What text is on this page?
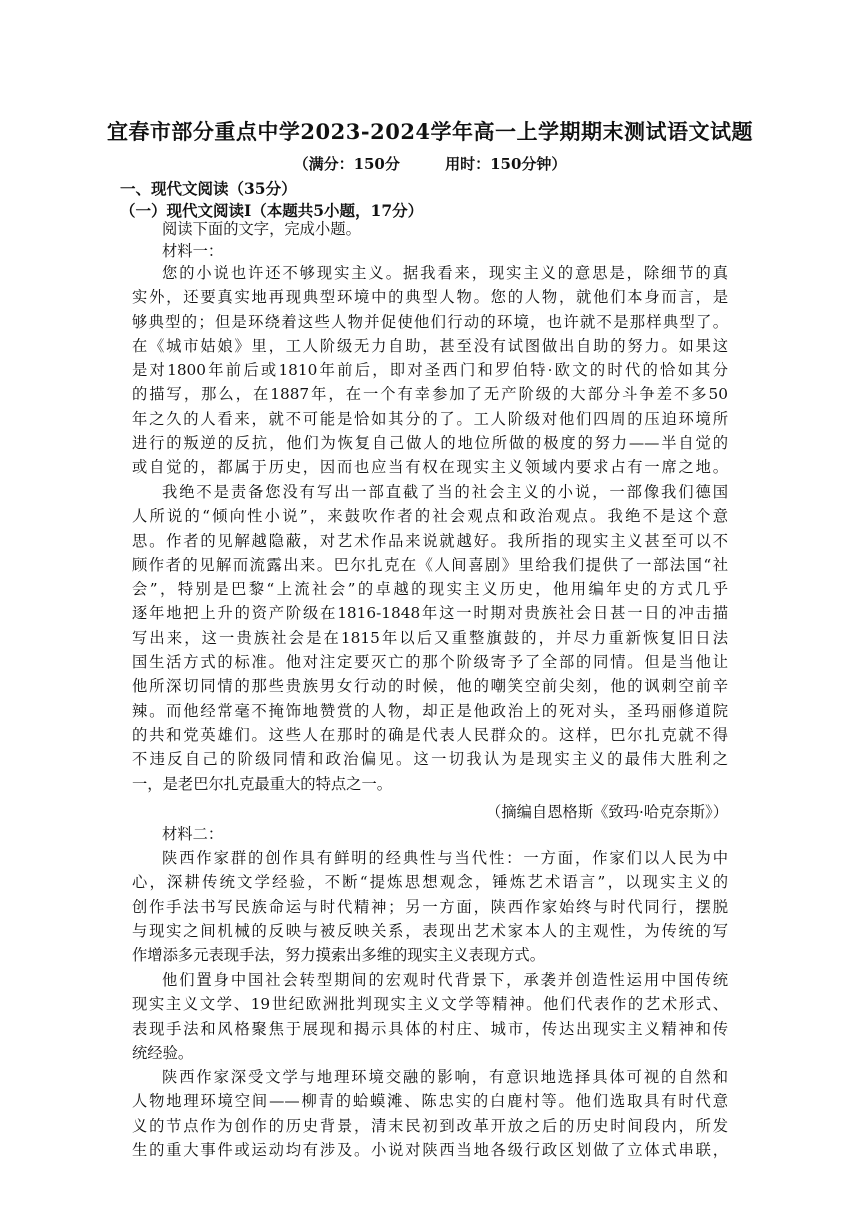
宜春市部分重点中学2023-2024学年高一上学期期末测试语文试题
（满分：150分	用时：150分钟）
一、现代文阅读（35分）
（一）现代文阅读Ⅰ（本题共5小题，17分）
阅读下面的文字，完成小题。
材料一：
您的小说也许还不够现实主义。据我看来，现实主义的意思是，除细节的真
实外，还要真实地再现典型环境中的典型人物。您的人物，就他们本身而言，是
够典型的；但是环绕着这些人物并促使他们行动的环境，也许就不是那样典型了。
在《城市姑娘》里，工人阶级无力自助，甚至没有试图做出自助的努力。如果这
是对1800年前后或1810年前后，即对圣西门和罗伯特·欧文的时代的恰如其分
的描写，那么，在1887年，在一个有幸参加了无产阶级的大部分斗争差不多50
年之久的人看来，就不可能是恰如其分的了。工人阶级对他们四周的压迫环境所
进行的叛逆的反抗，他们为恢复自己做人的地位所做的极度的努力——半自觉的
或自觉的，都属于历史，因而也应当有权在现实主义领域内要求占有一席之地。
我绝不是责备您没有写出一部直截了当的社会主义的小说，一部像我们德国
人所说的“倾向性小说”，来鼓吹作者的社会观点和政治观点。我绝不是这个意
思。作者的见解越隐蔽，对艺术作品来说就越好。我所指的现实主义甚至可以不
顾作者的见解而流露出来。巴尔扎克在《人间喜剧》里给我们提供了一部法国“社
会”，特别是巴黎“上流社会”的卓越的现实主义历史，他用编年史的方式几乎
逐年地把上升的资产阶级在1816-1848年这一时期对贵族社会日甚一日的冲击描
写出来，这一贵族社会是在1815年以后又重整旗鼓的，并尽力重新恢复旧日法
国生活方式的标准。他对注定要灭亡的那个阶级寄予了全部的同情。但是当他让
他所深切同情的那些贵族男女行动的时候，他的嘲笑空前尖刻，他的讽刺空前辛
辣。而他经常毫不掩饰地赞赏的人物，却正是他政治上的死对头，圣玛丽修道院
的共和党英雄们。这些人在那时的确是代表人民群众的。这样，巴尔扎克就不得
不违反自己的阶级同情和政治偏见。这一切我认为是现实主义的最伟大胜利之
一，是老巴尔扎克最重大的特点之一。
（摘编自恩格斯《致玛·哈克奈斯》）
材料二：
陕西作家群的创作具有鲜明的经典性与当代性：一方面，作家们以人民为中
心，深耕传统文学经验，不断“提炼思想观念，锤炼艺术语言”，以现实主义的
创作手法书写民族命运与时代精神；另一方面，陕西作家始终与时代同行，摆脱
与现实之间机械的反映与被反映关系，表现出艺术家本人的主观性，为传统的写
作增添多元表现手法，努力摸索出多维的现实主义表现方式。
他们置身中国社会转型期间的宏观时代背景下，承袭并创造性运用中国传统
现实主义文学、19世纪欧洲批判现实主义文学等精神。他们代表作的艺术形式、
表现手法和风格聚焦于展现和揭示具体的村庄、城市，传达出现实主义精神和传
统经验。
陕西作家深受文学与地理环境交融的影响，有意识地选择具体可视的自然和
人物地理环境空间——柳青的蛤蟆滩、陈忠实的白鹿村等。他们选取具有时代意
义的节点作为创作的历史背景，清末民初到改革开放之后的历史时间段内，所发
生的重大事件或运动均有涉及。小说对陕西当地各级行政区划做了立体式串联，
